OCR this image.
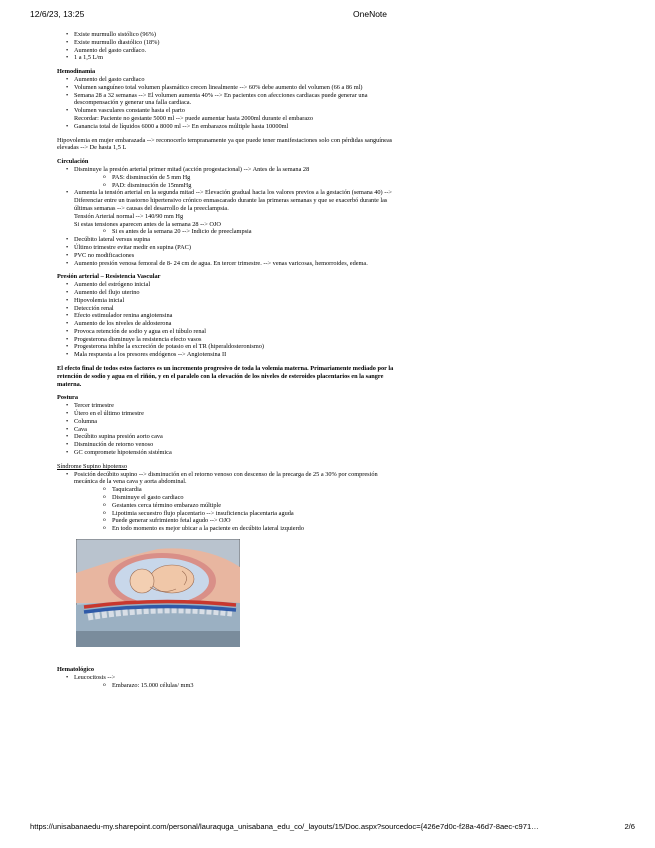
12/6/23, 13:25	OneNote
• Existe murmullo sistólico (96%)
• Existe murmullo diastólico (18%)
• Aumento del gasto cardíaco.
• 1 a 1,5 L/m
Hemodinamia
• Aumento del gasto cardiaco
• Volumen sanguíneo total volumen plasmático crecen linealmente --> 60% debe aumento del volumen (66 a 86 ml)
• Semana 28 a 32 semanas --> El volumen aumenta 40% --> En pacientes con afecciones cardiacas puede generar una descompensación y generar una falla cardiaca.
• Volumen vasculares constante hasta el parto
Recordar: Paciente no gestante 5000 ml --> puede aumentar hasta 2000ml durante el embarazo
• Ganancia total de líquidos 6000 a 8000 ml --> En embarazos múltiple hasta 10000ml

Hipovolemia en mujer embarazada --> reconocerlo tempranamente ya que puede tener manifestaciones solo con pérdidas sanguíneas elevadas --> De hasta 1,5 L

Circulación
• Disminuye la presión arterial primer mitad (acción progestacional) --> Antes de la semana 28
o PAS: disminución de 5 mm Hg
o PAD: disminución de 15mmHg
• Aumenta la tensión arterial en la segunda mitad --> Elevación gradual hacia los valores previos a la gestación (semana 40) --> Diferenciar entre un trastorno hipertensivo crónico enmascarado durante las primeras semanas y que se exacerbó durante las últimas semanas --> causas del desarrollo de la preeclampsia.
Tensión Arterial normal --> 140/90 mm Hg
Si estas tensiones aparecen antes de la semana 28 --> OJO
o Si es antes de la semana 20 --> Indicio de preeclampsia
• Decúbito lateral versus supina
• Último trimestre evitar medir en supina (PAC)
• PVC no modificaciones
• Aumento presión venosa femoral de 8- 24 cm de agua. En tercer trimestre. --> venas varicosas, hemorroides, edema.
Presión arterial – Resistencia Vascular
• Aumento del estrógeno inicial
• Aumento del flujo uterino
• Hipovolemia inicial
• Detección renal
• Efecto estimulador renina angiotensina
• Aumento de los niveles de aldosterona
• Provoca retención de sodio y agua en el túbulo renal
• Progesterona disminuye la resistencia efecto vasos
• Progesterona inhibe la excreción de potasio en el TR (hiperaldosteronismo)
• Mala respuesta a los presores endógenos --> Angiotensina II

El efecto final de todos estos factores es un incremento progresivo de toda la volemia materna. Primariamente mediado por la retención de sodio y agua en el riñón, y en el paralelo con la elevación de los niveles de esteroides placentarios en la sangre materna.

Postura
• Tercer trimestre
• Útero en el último trimestre
• Columna
• Cava
• Decúbito supina presión aorto cava
• Disminución de retorno venoso
• GC compromete hipotensión sistémica
Síndrome Supino hipotenso
• Posición decúbito supino --> disminución en el retorno venoso con descenso de la precarga de 25 a 30% por compresión mecánica de la vena cava y aorta abdominal.
o Taquicardia
o Disminuye el gasto cardiaco
o Gestantes cerca término embarazo múltiple
o Lipotimia secuestro flujo placentario --> insuficiencia placentaria aguda
o Puede generar sufrimiento fetal agudo --> OJO
o En todo momento es mejor ubicar a la paciente en decúbito lateral izquierdo
Hematológico
• Leucocitosis -->
o Embarazo: 15.000 células/ mm3
https://unisabanaedu-my.sharepoint.com/personal/lauraquga_unisabana_edu_co/_layouts/15/Doc.aspx?sourcedoc={426e7d0c-f28a-46d7-8aec-c971…	2/6
